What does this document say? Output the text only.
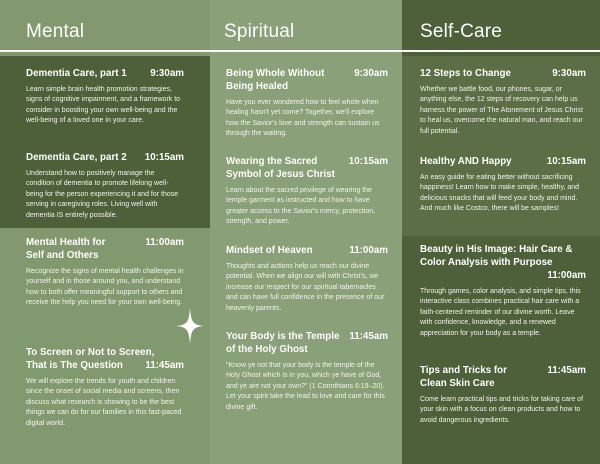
Mental
Dementia Care, part 1	9:30am
Learn simple brain health promotion strategies, signs of cognitive impairment, and a framework to consider in boosting your own well-being and the well-being of a loved one in your care.
Dementia Care, part 2	10:15am
Understand how to positively manage the condition of dementia to promote lifelong well-being for the person experiencing it and for those serving in caregiving roles. Living well with dementia IS entirely possible.
Mental Health for Self and Others
11:00am
Recognize the signs of mental health challenges in yourself and in those around you, and understand how to both offer meaningful support to others and receive the help you need for your own well-being.
To Screen or Not to Screen, That is The Question	11:45am
We will explore the trends for youth and children since the onset of social media and screens, then discuss what research is showing to be the best things we can do for our families in this fast-paced digital world.
Spiritual
Being Whole Without Being Healed
9:30am
Have you ever wondered how to feel whole when healing hasn't yet come? Together, we'll explore how the Savior's love and strength can sustain us through the waiting.
Wearing the Sacred Symbol of Jesus Christ
10:15am
Learn about the sacred privilege of wearing the temple garment as instructed and how to have greater access to the Savior's mercy, protection, strength, and power.
Mindset of Heaven	11:00am
Thoughts and actions help us reach our divine potential. When we align our will with Christ's, we increase our respect for our spiritual tabernacles and can have full confidence in the presence of our heavenly parents.
Your Body is the Temple of the Holy Ghost
11:45am
"Know ye not that your body is the temple of the Holy Ghost which is in you, which ye have of God, and ye are not your own?" (1 Corinthians 6:19–20). Let your spirit take the lead to love and care for this divine gift.
Self-Care
12 Steps to Change	9:30am
Whether we battle food, our phones, sugar, or anything else, the 12 steps of recovery can help us harness the power of The Atonement of Jesus Christ to heal us, overcome the natural man, and reach our full potential.
Healthy AND Happy	10:15am
An easy guide for eating better without sacrificing happiness! Learn how to make simple, healthy, and delicious snacks that will feed your body and mind. And much like Costco, there will be samples!
Beauty in His Image: Hair Care & Color Analysis with Purpose
11:00am
Through games, color analysis, and simple tips, this interactive class combines practical hair care with a faith-centered reminder of our divine worth. Leave with confidence, knowledge, and a renewed appreciation for your body as a temple.
Tips and Tricks for Clean Skin Care
11:45am
Come learn practical tips and tricks for taking care of your skin with a focus on clean products and how to avoid dangerous ingredients.
